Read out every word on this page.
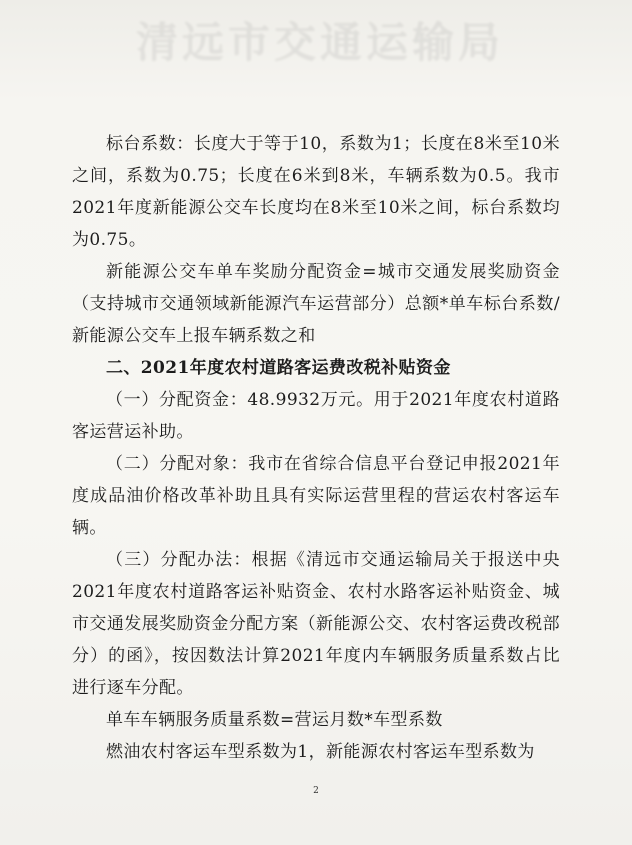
清远市交通运输局

标台系数：长度大于等于10，系数为1；长度在8米至10米之间，系数为0.75；长度在6米到8米，车辆系数为0.5。我市2021年度新能源公交车长度均在8米至10米之间，标台系数均为0.75。

新能源公交车单车奖励分配资金=城市交通发展奖励资金（支持城市交通领域新能源汽车运营部分）总额*单车标台系数/新能源公交车上报车辆系数之和

二、2021年度农村道路客运费改税补贴资金

（一）分配资金：48.9932万元。用于2021年度农村道路客运营运补助。

（二）分配对象：我市在省综合信息平台登记申报2021年度成品油价格改革补助且具有实际运营里程的营运农村客运车辆。

（三）分配办法：根据《清远市交通运输局关于报送中央2021年度农村道路客运补贴资金、农村水路客运补贴资金、城市交通发展奖励资金分配方案（新能源公交、农村客运费改税部分）的函》，按因数法计算2021年度内车辆服务质量系数占比进行逐车分配。

单车车辆服务质量系数=营运月数*车型系数

燃油农村客运车型系数为1，新能源农村客运车型系数为

2
